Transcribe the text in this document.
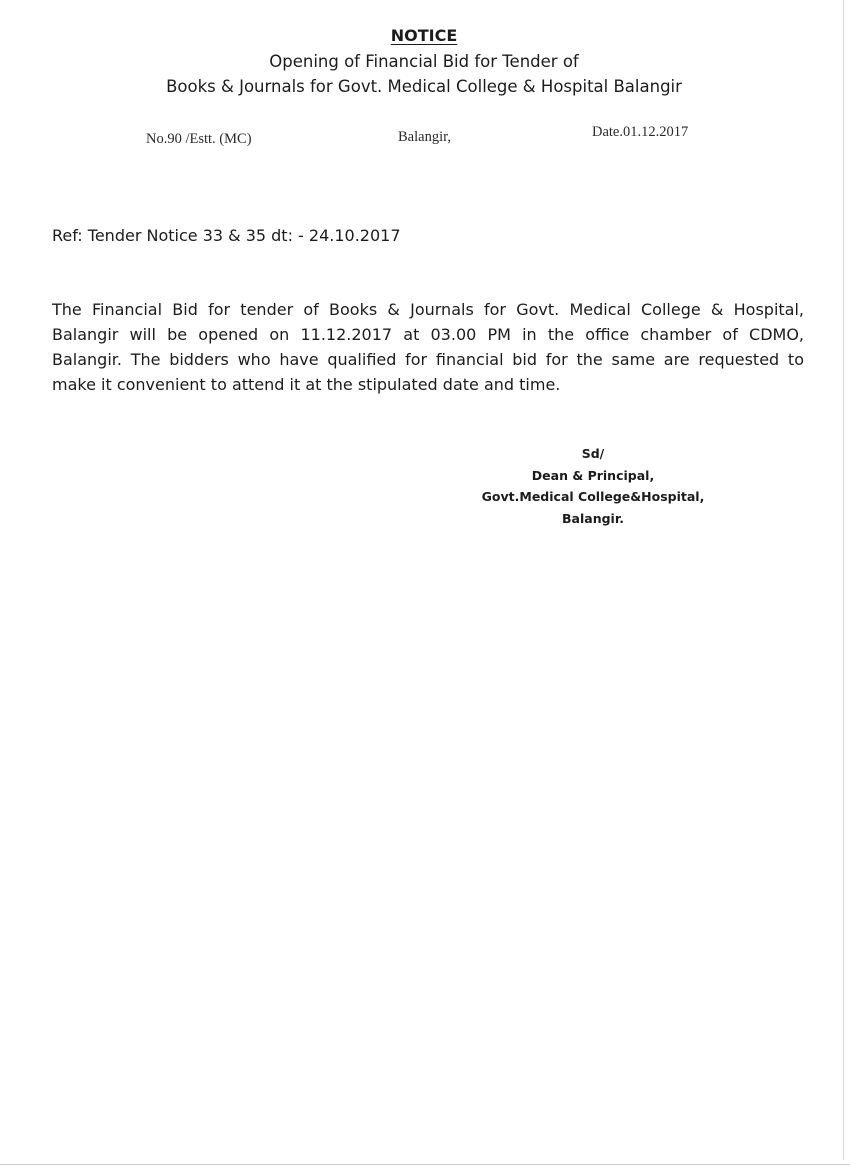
NOTICE
Opening of Financial Bid for Tender of
Books & Journals for Govt. Medical College & Hospital Balangir
No.90 /Estt. (MC)	Balangir,	Date.01.12.2017
Ref: Tender Notice 33 & 35 dt: - 24.10.2017
The Financial Bid for tender of Books & Journals for Govt. Medical College & Hospital,
Balangir will be opened on 11.12.2017 at 03.00 PM in the office chamber of CDMO,
Balangir. The bidders who have qualified for financial bid for the same are requested to
make it convenient to attend it at the stipulated date and time.
Sd/
Dean & Principal,
Govt.Medical College&Hospital,
Balangir.
